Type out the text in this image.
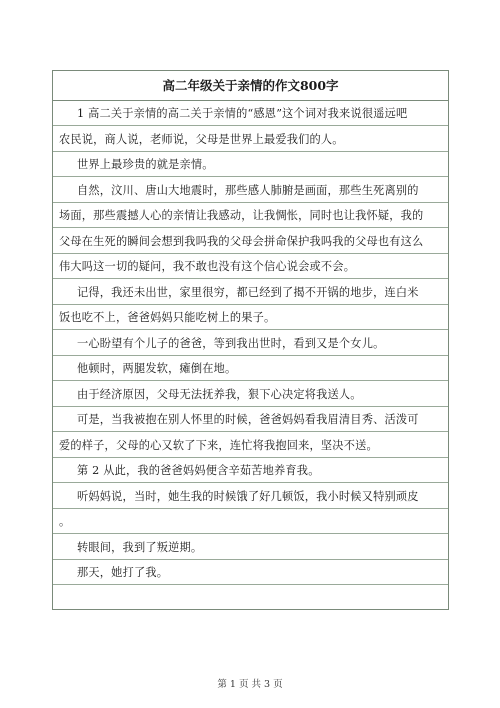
高二年级关于亲情的作文800字
1 高二关于亲情的高二关于亲情的“感恩”这个词对我来说很遥远吧
农民说，商人说，老师说，父母是世界上最爱我们的人。
世界上最珍贵的就是亲情。
自然，汶川、唐山大地震时，那些感人肺腑是画面，那些生死离别的
场面，那些震撼人心的亲情让我感动，让我惆怅，同时也让我怀疑，我的
父母在生死的瞬间会想到我吗我的父母会拼命保护我吗我的父母也有这么
伟大吗这一切的疑问，我不敢也没有这个信心说会或不会。
记得，我还未出世，家里很穷，都已经到了揭不开锅的地步，连白米
饭也吃不上，爸爸妈妈只能吃树上的果子。
一心盼望有个儿子的爸爸，等到我出世时，看到又是个女儿。
他顿时，两腿发软，瘫倒在地。
由于经济原因，父母无法抚养我，狠下心决定将我送人。
可是，当我被抱在别人怀里的时候，爸爸妈妈看我眉清目秀、活泼可
爱的样子，父母的心又软了下来，连忙将我抱回来，坚决不送。
第 2 从此，我的爸爸妈妈便含辛茹苦地养育我。
听妈妈说，当时，她生我的时候饿了好几顿饭，我小时候又特别顽皮
。
转眼间，我到了叛逆期。
那天，她打了我。
第 1 页 共 3 页
